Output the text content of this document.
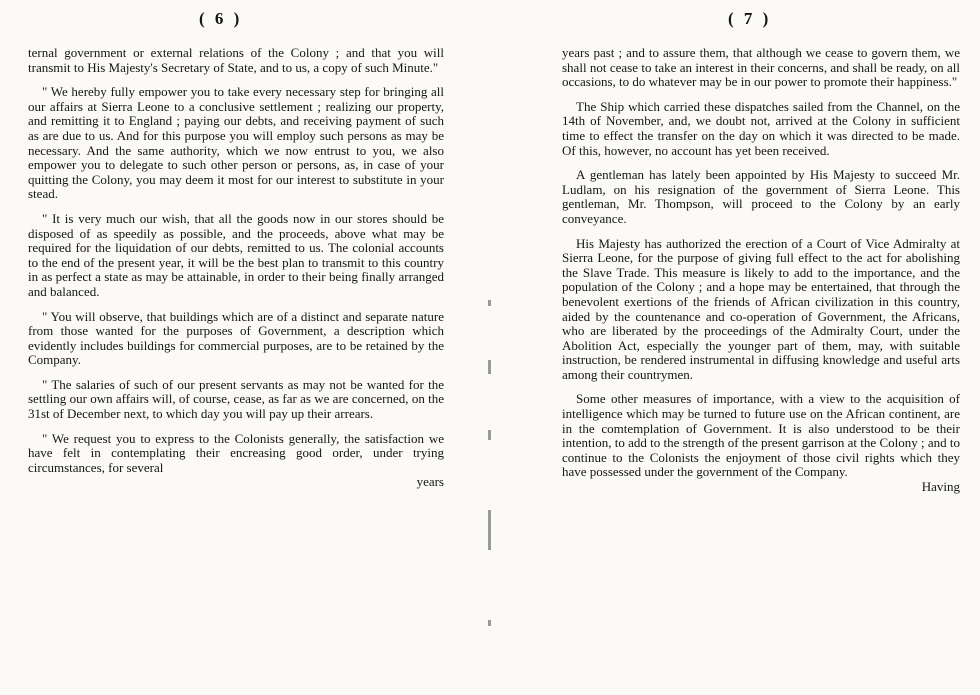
( 6 )

ternal government or external relations of the Colony ; and that you will transmit to His Majesty's Secretary of State, and to us, a copy of such Minute."

" We hereby fully empower you to take every necessary step for bringing all our affairs at Sierra Leone to a conclusive settlement ; realizing our property, and remitting it to England ; paying our debts, and receiving payment of such as are due to us. And for this purpose you will employ such persons as may be necessary. And the same authority, which we now entrust to you, we also empower you to delegate to such other person or persons, as, in case of your quitting the Colony, you may deem it most for our interest to substitute in your stead.

" It is very much our wish, that all the goods now in our stores should be disposed of as speedily as possible, and the proceeds, above what may be required for the liquidation of our debts, remitted to us. The colonial accounts to the end of the present year, it will be the best plan to transmit to this country in as perfect a state as may be attainable, in order to their being finally arranged and balanced.

" You will observe, that buildings which are of a distinct and separate nature from those wanted for the purposes of Government, a description which evidently includes buildings for commercial purposes, are to be retained by the Company.

" The salaries of such of our present servants as may not be wanted for the settling our own affairs will, of course, cease, as far as we are concerned, on the 31st of December next, to which day you will pay up their arrears.

" We request you to express to the Colonists generally, the satisfaction we have felt in contemplating their encreasing good order, under trying circumstances, for several

years
( 7 )

years past ; and to assure them, that although we cease to govern them, we shall not cease to take an interest in their concerns, and shall be ready, on all occasions, to do whatever may be in our power to promote their happiness."

The Ship which carried these dispatches sailed from the Channel, on the 14th of November, and, we doubt not, arrived at the Colony in sufficient time to effect the transfer on the day on which it was directed to be made. Of this, however, no account has yet been received.

A gentleman has lately been appointed by His Majesty to succeed Mr. Ludlam, on his resignation of the government of Sierra Leone. This gentleman, Mr. Thompson, will proceed to the Colony by an early conveyance.

His Majesty has authorized the erection of a Court of Vice Admiralty at Sierra Leone, for the purpose of giving full effect to the act for abolishing the Slave Trade. This measure is likely to add to the importance, and the population of the Colony ; and a hope may be entertained, that through the benevolent exertions of the friends of African civilization in this country, aided by the countenance and co-operation of Government, the Africans, who are liberated by the proceedings of the Admiralty Court, under the Abolition Act, especially the younger part of them, may, with suitable instruction, be rendered instrumental in diffusing knowledge and useful arts among their countrymen.

Some other measures of importance, with a view to the acquisition of intelligence which may be turned to future use on the African continent, are in the comtemplation of Government. It is also understood to be their intention, to add to the strength of the present garrison at the Colony ; and to continue to the Colonists the enjoyment of those civil rights which they have possessed under the government of the Company.

Having
